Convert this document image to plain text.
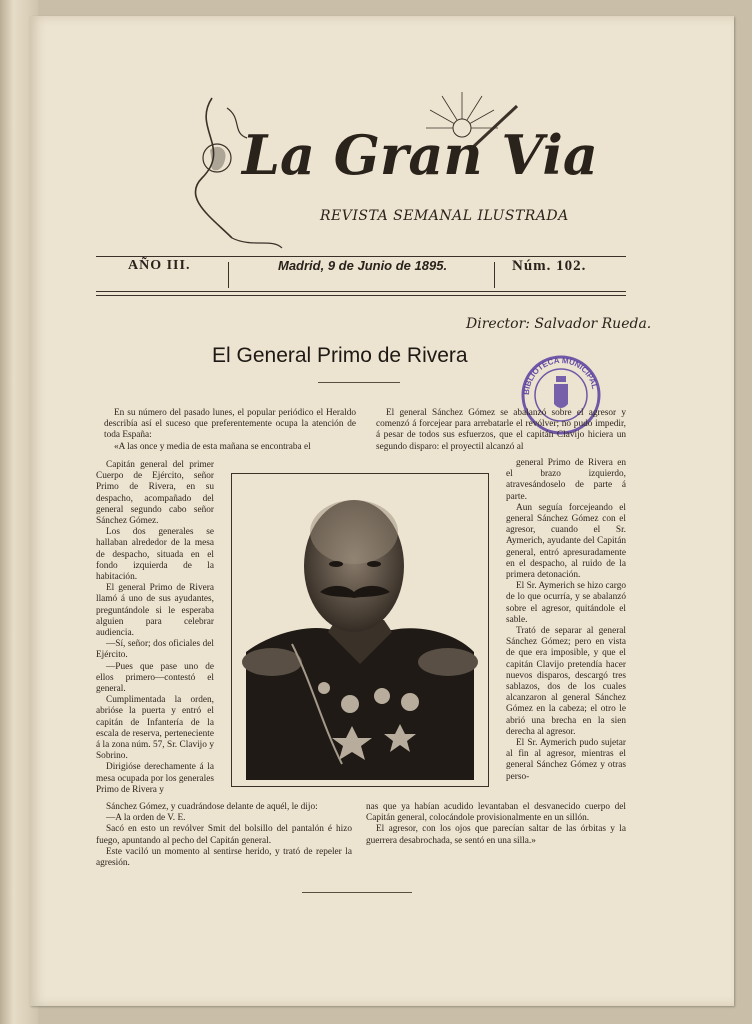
La Gran Via
REVISTA SEMANAL ILUSTRADA
AÑO III.	Madrid, 9 de Junio de 1895.	Núm. 102.
Director: Salvador Rueda.
El General Primo de Rivera
BIBLIOTECA MUNICIPAL

En su número del pasado lunes, el popular periódico el Heraldo describía así el suceso que preferentemente ocupa la atención de toda España:

«A las once y media de esta mañana se encontraba el

El general Sánchez Gómez se abalanzó sobre el agresor y comenzó á forcejear para arrebatarle el revólver; no pudo impedir, á pesar de todos sus esfuerzos, que el capitán Clavijo hiciera un segundo disparo: el proyectil alcanzó al

Capitán general del primer Cuerpo de Ejército, señor Primo de Rivera, en su despacho, acompañado del general segundo cabo señor Sánchez Gómez.

Los dos generales se hallaban alrededor de la mesa de despacho, situada en el fondo izquierda de la habitación.

El general Primo de Rivera llamó á uno de sus ayudantes, preguntándole si le esperaba alguien para celebrar audiencia.

—Sí, señor; dos oficiales del Ejército.

—Pues que pase uno de ellos primero—contestó el general.

Cumplimentada la orden, abrióse la puerta y entró el capitán de Infantería de la escala de reserva, perteneciente á la zona núm. 57, Sr. Clavijo y Sobrino.

Dirigióse derechamente á la mesa ocupada por los generales Primo de Rivera y

general Primo de Rivera en el brazo izquierdo, atravesándoselo de parte á parte.

Aun seguía forcejeando el general Sánchez Gómez con el agresor, cuando el Sr. Aymerich, ayudante del Capitán general, entró apresuradamente en el despacho, al ruido de la primera detonación.

El Sr. Aymerich se hizo cargo de lo que ocurría, y se abalanzó sobre el agresor, quitándole el sable.

Trató de separar al general Sánchez Gómez; pero en vista de que era imposible, y que el capitán Clavijo pretendía hacer nuevos disparos, descargó tres sablazos, dos de los cuales alcanzaron al general Sánchez Gómez en la cabeza; el otro le abrió una brecha en la sien derecha al agresor.

El Sr. Aymerich pudo sujetar al fin al agresor, mientras el general Sánchez Gómez y otras perso-

Sánchez Gómez, y cuadrándose delante de aquél, le dijo:

—A la orden de V. E.

Sacó en esto un revólver Smit del bolsillo del pantalón é hizo fuego, apuntando al pecho del Capitán general.

Este vaciló un momento al sentirse herido, y trató de repeler la agresión.

nas que ya habían acudido levantaban el desvanecido cuerpo del Capitán general, colocándole provisionalmente en un sillón.

El agresor, con los ojos que parecían saltar de las órbitas y la guerrera desabrochada, se sentó en una silla.»
